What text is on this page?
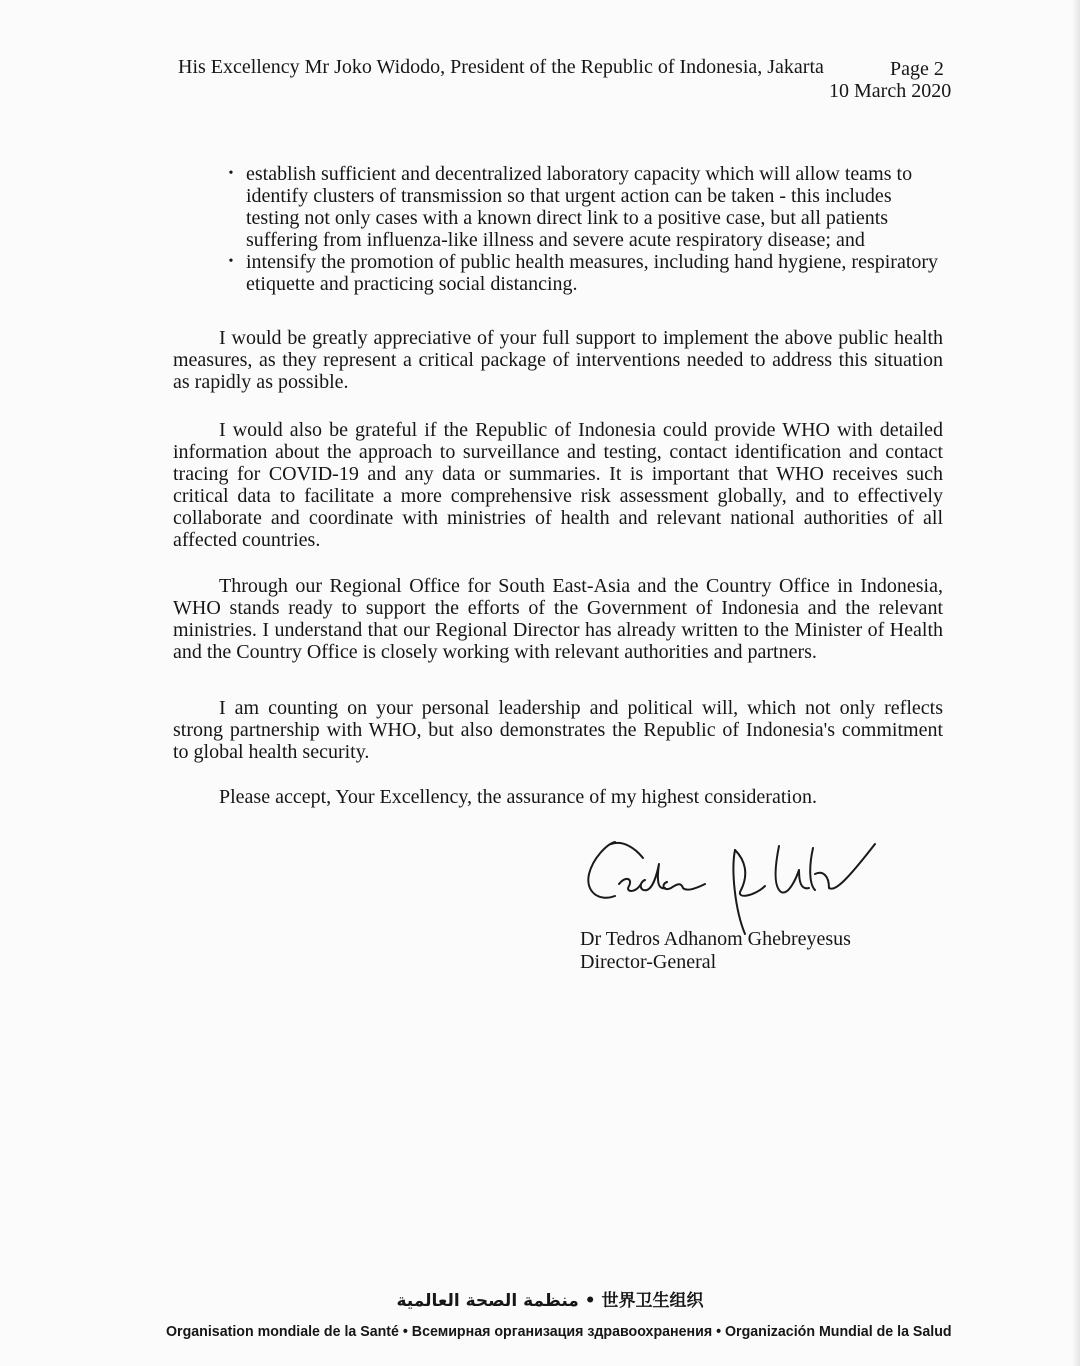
His Excellency Mr Joko Widodo, President of the Republic of Indonesia, Jakarta	Page 2
10 March 2020
• establish sufficient and decentralized laboratory capacity which will allow teams to identify clusters of transmission so that urgent action can be taken - this includes testing not only cases with a known direct link to a positive case, but all patients suffering from influenza-like illness and severe acute respiratory disease; and
• intensify the promotion of public health measures, including hand hygiene, respiratory etiquette and practicing social distancing.

I would be greatly appreciative of your full support to implement the above public health measures, as they represent a critical package of interventions needed to address this situation as rapidly as possible.

I would also be grateful if the Republic of Indonesia could provide WHO with detailed information about the approach to surveillance and testing, contact identification and contact tracing for COVID-19 and any data or summaries. It is important that WHO receives such critical data to facilitate a more comprehensive risk assessment globally, and to effectively collaborate and coordinate with ministries of health and relevant national authorities of all affected countries.

Through our Regional Office for South East-Asia and the Country Office in Indonesia, WHO stands ready to support the efforts of the Government of Indonesia and the relevant ministries. I understand that our Regional Director has already written to the Minister of Health and the Country Office is closely working with relevant authorities and partners.

I am counting on your personal leadership and political will, which not only reflects strong partnership with WHO, but also demonstrates the Republic of Indonesia's commitment to global health security.

Please accept, Your Excellency, the assurance of my highest consideration.

Dr Tedros Adhanom Ghebreyesus
Director-General
منظمة الصحة العالمية • 世界卫生组织
Organisation mondiale de la Santé • Всемирная организация здравоохранения • Organización Mundial de la Salud
